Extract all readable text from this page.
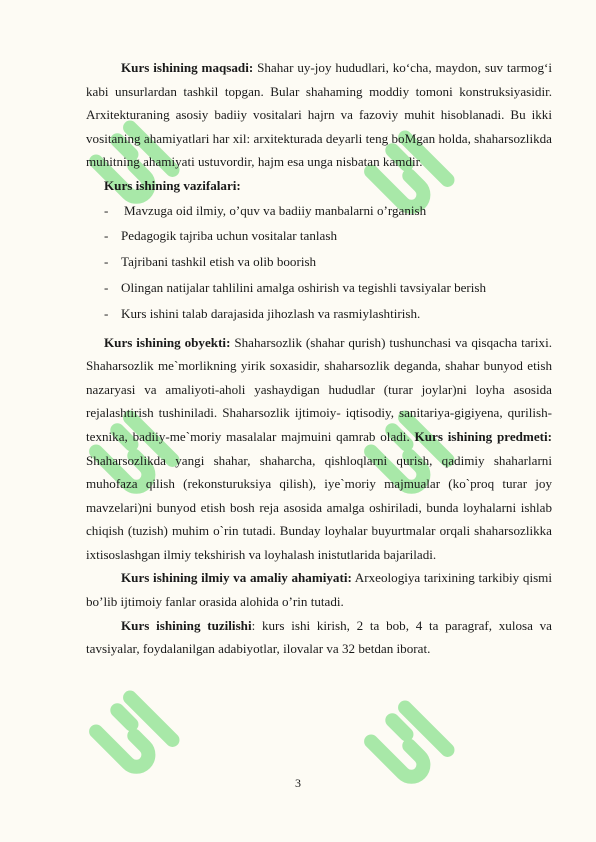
Kurs ishining maqsadi: Shahar uy-joy hududlari, ko‘cha, maydon, suv tarmog‘i kabi unsurlardan tashkil topgan. Bular shahaming moddiy tomoni konstruksiyasidir. Arxitekturaning asosiy badiiy vositalari hajrn va fazoviy muhit hisoblanadi. Bu ikki vositaning ahamiyatlari har xil: arxitekturada deyarli teng boMgan holda, shaharsozlikda muhitning ahamiyati ustuvordir, hajm esa unga nisbatan kamdir.

Kurs ishining vazifalari:

- Mavzuga oid ilmiy, o’quv va badiiy manbalarni o’rganish
- Pedagogik tajriba uchun vositalar tanlash
- Tajribani tashkil etish va olib boorish
- Olingan natijalar tahlilini amalga oshirish va tegishli tavsiyalar berish
- Kurs ishini talab darajasida jihozlash va rasmiylashtirish.

Kurs ishining obyekti: Shaharsozlik (shahar qurish) tushunchasi va qisqacha tarixi. Shaharsozlik me`morlikning yirik soxasidir, shaharsozlik deganda, shahar bunyod etish nazaryasi va amaliyoti-aholi yashaydigan hududlar (turar joylar)ni loyha asosida rejalashtirish tushiniladi. Shaharsozlik ijtimoiy- iqtisodiy, sanitariya-gigiyena, qurilish-texnika, badiiy-me`moriy masalalar majmuini qamrab oladi. Kurs ishining predmeti: Shaharsozlikda yangi shahar, shaharcha, qishloqlarni qurish, qadimiy shaharlarni muhofaza qilish (rekonsturuksiya qilish), iye`moriy majmualar (ko`proq turar joy mavzelari)ni bunyod etish bosh reja asosida amalga oshiriladi, bunda loyhalarni ishlab chiqish (tuzish) muhim o`rin tutadi. Bunday loyhalar buyurtmalar orqali shaharsozlikka ixtisoslashgan ilmiy tekshirish va loyhalash inistutlarida bajariladi.

Kurs ishining ilmiy va amaliy ahamiyati: Arxeologiya tarixining tarkibiy qismi bo’lib ijtimoiy fanlar orasida alohida o’rin tutadi.

Kurs ishining tuzilishi: kurs ishi kirish, 2 ta bob, 4 ta paragraf, xulosa va tavsiyalar, foydalanilgan adabiyotlar, ilovalar va 32 betdan iborat.

3
